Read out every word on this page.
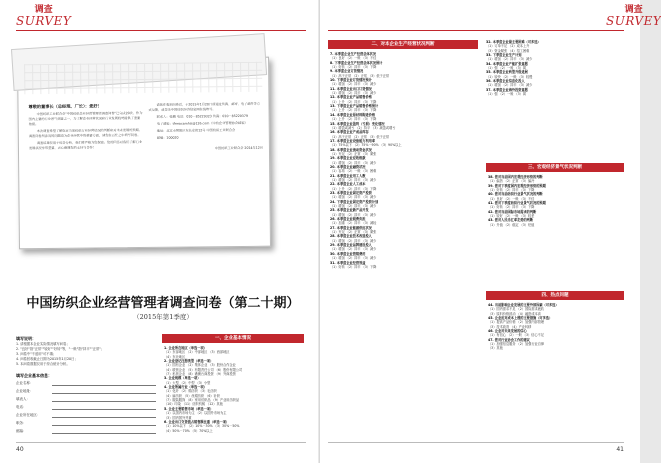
调查
SURVEY
尊敬的董事长（总经理、厂长）：您好！
中国纺织工业联合会"中国纺织企业经营管理者调查问卷"已完成20次，作为国内主要的行业景气调查之一，为了解企业经营状况和行业发展趋势提供了重要依据。
本次调查希望了解您对当前纺织行业经营状况的判断和对未来发展的预期，调查问卷所涉及的问题均为企业经营中的重要方面，请您在百忙之中填写问卷。
调查结果仅用于综合分析，我们将严格为您保密。您的回答对我们了解行业发展状况非常重要，衷心感谢您的支持与合作！
请您在收到问卷后，于2015年1月20日前通过传真、邮寄、电子邮件等方式反馈，或登录中国纺织经济信息网在线填写。
联系人：张鹏 电话：010－85229323 传真：010－85229379
电子邮箱：tfeeacamhsi@126.com（中纺企业管理协会邮箱）
地址：北京市朝阳区东长安街12号 中国纺织工业联合会
邮编：100020
中国纺织工业联合会 2014年12月
中国纺织企业经营管理者调查问卷（第二十期）
（2015年第1季度）
填写说明：
1. 请根据本企业实际情况填写问卷；
2. "良好"指"正常""较好""好转"等，"一般"指"持平""正常"；
3. 问卷中"不适用"可不填；
4. 问卷回收截止日期为2015年1月20日；
5. 本问卷数据仅用于综合统计分析。
填写企业基本信息：
企业名称：
企业地址：
填表人：
电话：
企业所在地区：
职务：
邮编：
一、企业基本情况
1. 企业所在地区（单选一项）
（1）东部地区 （2）中部地区 （3）西部地区
（4）东北地区
2. 企业登记注册类型（单选一项）
（1）国有企业 （2）集体企业 （3）股份合作企业
（4）联营企业 （5）有限责任公司 （6）股份有限公司
（7）私营企业 （8）港澳台商投资 （9）外商投资
3. 企业规模（单选一项）
（1）大型 （2）中型 （3）小型
4. 企业所属行业（单选一项）
（1）化纤 （2）棉纺织 （3）毛纺织
（4）麻纺织 （5）丝绢纺织 （6）针织
（7）服装服饰 （8）家用纺织品 （9）产业用纺织品
（10）印染 （11）纺织机械 （12）其他
5. 企业主要销售市场（单选一项）
（1）以国内市场为主 （2）以国外市场为主
（3）国内国外并重
6. 企业出口交货值占销售额比重（单选一项）
（1）10%以下 （2）10%－30% （3）30%－50%
（4）50%－70% （5）70%以上
40
调查
SURVEY
二、对本企业生产经营状况判断
7. 本季度企业生产经营总体状况
（1）良好 （2）一般 （3）不佳
8. 下季度企业生产经营总体状况预计
（1）好转 （2）持平 （3）下降
9. 本季度企业订货情况
（1）高于正常 （2）正常 （3）低于正常
10. 下季度企业订货情况预计
（1）增加 （2）持平 （3）减少
11. 本季度企业出口订货情况
（1）增加 （2）持平 （3）减少
12. 本季度企业产品销售价格
（1）上升 （2）持平 （3）下降
13. 下季度企业产品销售价格预计
（1）上升 （2）持平 （3）下降
14. 本季度企业原材料购进价格
（1）上升 （2）持平 （3）下降
15. 本季度企业盈利（亏损）变化情况
（1）增盈或减亏 （2）持平 （3）减盈或增亏
16. 本季度企业产成品库存
（1）高于正常 （2）正常 （3）低于正常
17. 本季度企业设备能力利用率
（1）75%以下 （2）75%－90% （3）90%以上
18. 本季度企业流动资金状况
（1）充足 （2）正常 （3）紧张
19. 本季度企业应收账款
（1）增加 （2）持平 （3）减少
20. 本季度企业融资状况
（1）容易 （2）一般 （3）困难
21. 本季度企业用工人数
（1）增加 （2）持平 （3）减少
22. 本季度企业人工成本
（1）上升 （2）持平 （3）下降
23. 本季度企业固定资产投资
（1）增加 （2）持平 （3）减少
24. 下季度企业固定资产投资计划
（1）增加 （2）持平 （3）减少
25. 本季度企业新产品开发
（1）增加 （2）持平 （3）减少
26. 本季度企业税费负担
（1）加重 （2）持平 （3）减轻
27. 本季度企业能源供应状况
（1）充足 （2）正常 （3）紧张
28. 本季度企业技术改造投入
（1）增加 （2）持平 （3）减少
29. 本季度企业品牌建设投入
（1）增加 （2）持平 （3）减少
30. 本季度企业营销费用
（1）增加 （2）持平 （3）减少
31. 本季度企业经营效益
（1）好转 （2）持平 （3）下降
32. 本季度企业最主要困难（可多选）
（1）订单不足 （2）成本上升
（3）资金紧张 （4）招工困难
33. 下季度企业生产计划
（1）增加 （2）持平 （3）减少
34. 本季度企业产能扩张意愿
（1）强 （2）一般 （3）弱
35. 本季度企业转型升级进展
（1）较快 （2）一般 （3）较慢
36. 本季度企业信息化投入
（1）增加 （2）持平 （3）减少
37. 本季度企业海外投资意愿
（1）强 （2）一般 （3）弱
三、宏观经济景气状况判断
38. 您对当前国内宏观经济形势的判断
（1）偏热 （2）正常 （3）偏冷
39. 您对下季度国内宏观经济形势的预期
（1）好转 （2）持平 （3）下降
40. 您对当前纺织行业景气状况的判断
（1）良好 （2）一般 （3）不佳
41. 您对下季度纺织行业景气状况的预期
（1）好转 （2）持平 （3）下降
42. 您对当前国际市场需求的判断
（1）较好 （2）一般 （3）较差
43. 您对人民币汇率走势的判断
（1）升值 （2）稳定 （3）贬值
四、热点问题
44. 当前影响企业发展的主要外部因素（可多选）
（1）国内需求不足 （2）国际需求疲软
（3）原料价格波动 （4）融资成本高
45. 企业应对成本上涨的主要措施（可多选）
（1）提高产品价格 （2）加强内部管理
（3）技术改造 （4）产业转移
46. 企业对未来发展的信心
（1）有信心 （2）一般 （3）信心不足
47. 您对行业协会工作的建议
（1）加强信息服务 （2）加强行业自律
（3）其他
41
